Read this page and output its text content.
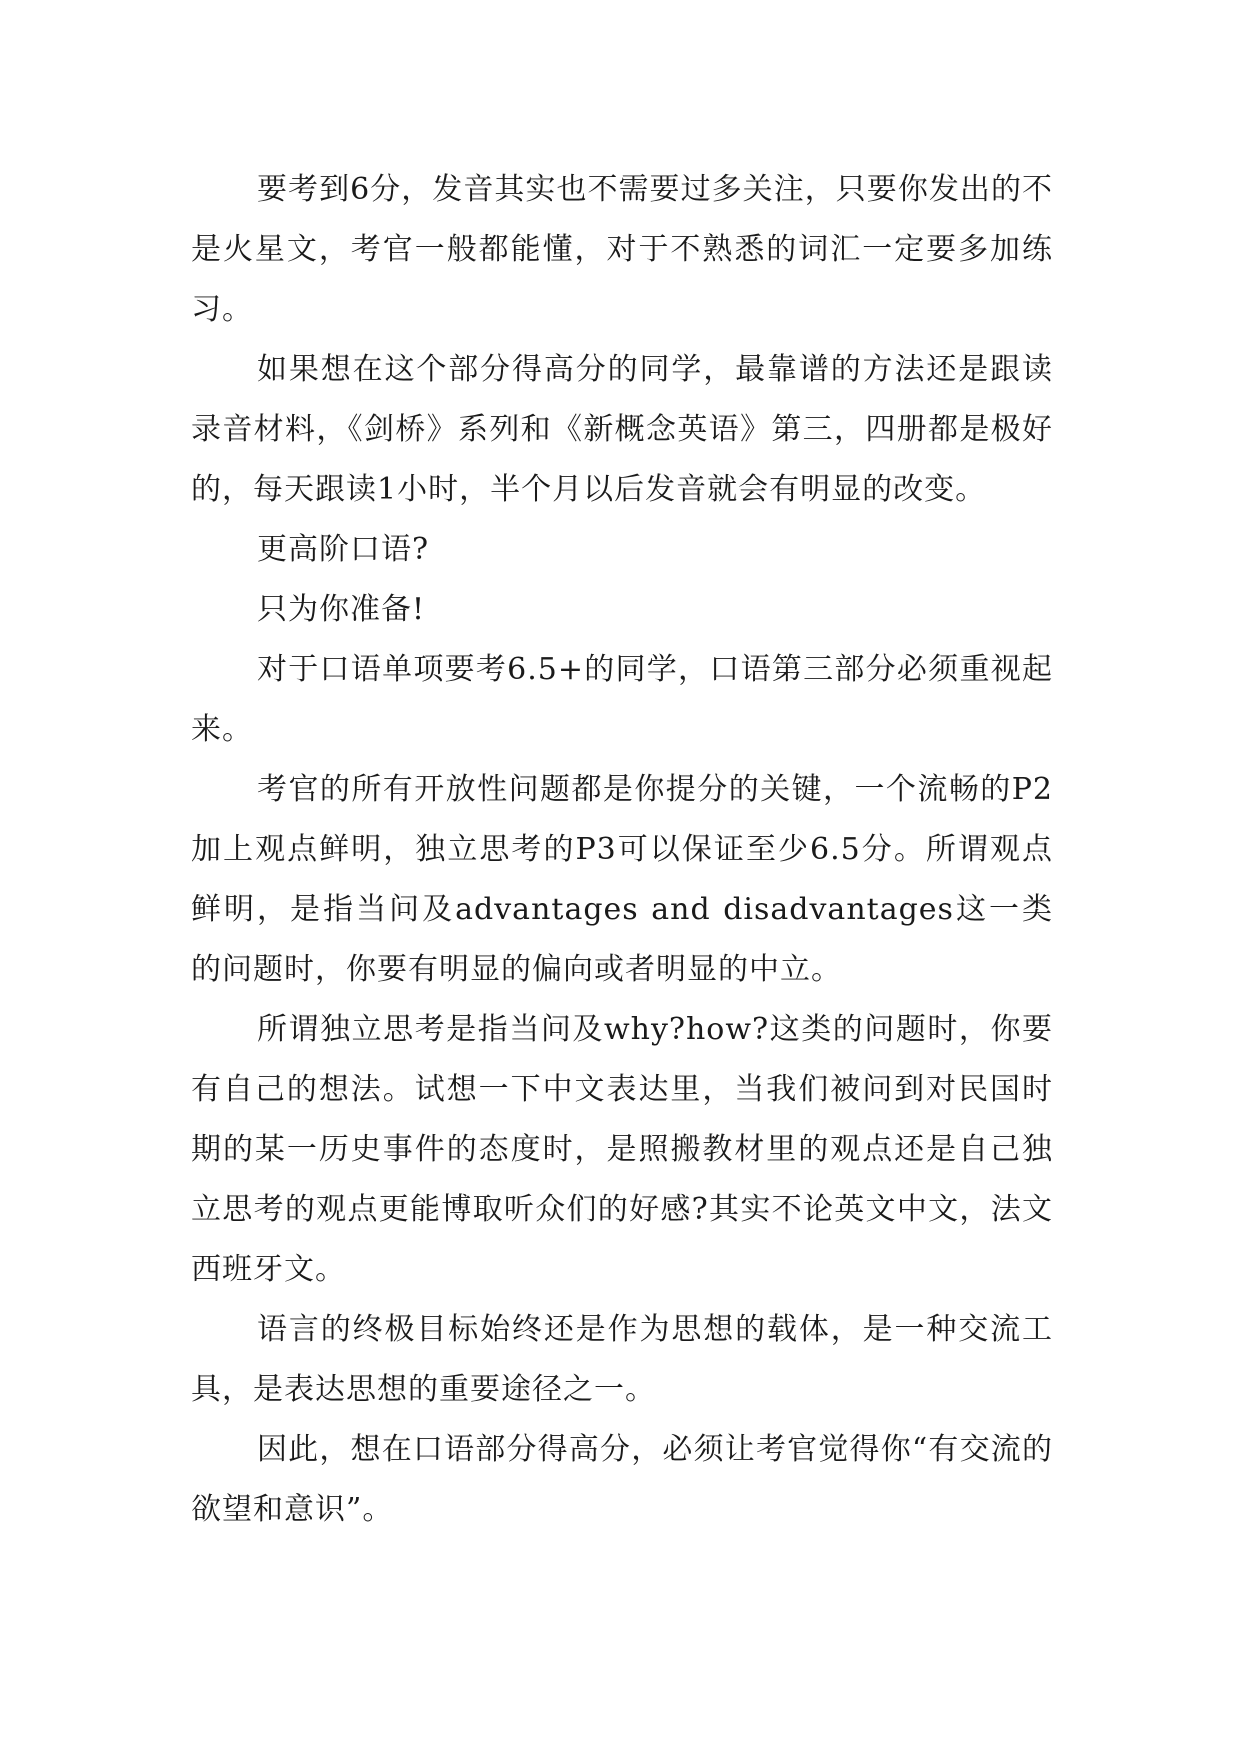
要考到6分，发音其实也不需要过多关注，只要你发出的不是火星文，考官一般都能懂，对于不熟悉的词汇一定要多加练习。

如果想在这个部分得高分的同学，最靠谱的方法还是跟读录音材料，《剑桥》系列和《新概念英语》第三，四册都是极好的，每天跟读1小时，半个月以后发音就会有明显的改变。

更高阶口语?

只为你准备!

对于口语单项要考6.5+的同学，口语第三部分必须重视起来。

考官的所有开放性问题都是你提分的关键，一个流畅的P2加上观点鲜明，独立思考的P3可以保证至少6.5分。所谓观点鲜明，是指当问及advantages and disadvantages这一类的问题时，你要有明显的偏向或者明显的中立。

所谓独立思考是指当问及why?how?这类的问题时，你要有自己的想法。试想一下中文表达里，当我们被问到对民国时期的某一历史事件的态度时，是照搬教材里的观点还是自己独立思考的观点更能博取听众们的好感?其实不论英文中文，法文西班牙文。

语言的终极目标始终还是作为思想的载体，是一种交流工具，是表达思想的重要途径之一。

因此，想在口语部分得高分，必须让考官觉得你“有交流的欲望和意识”。
